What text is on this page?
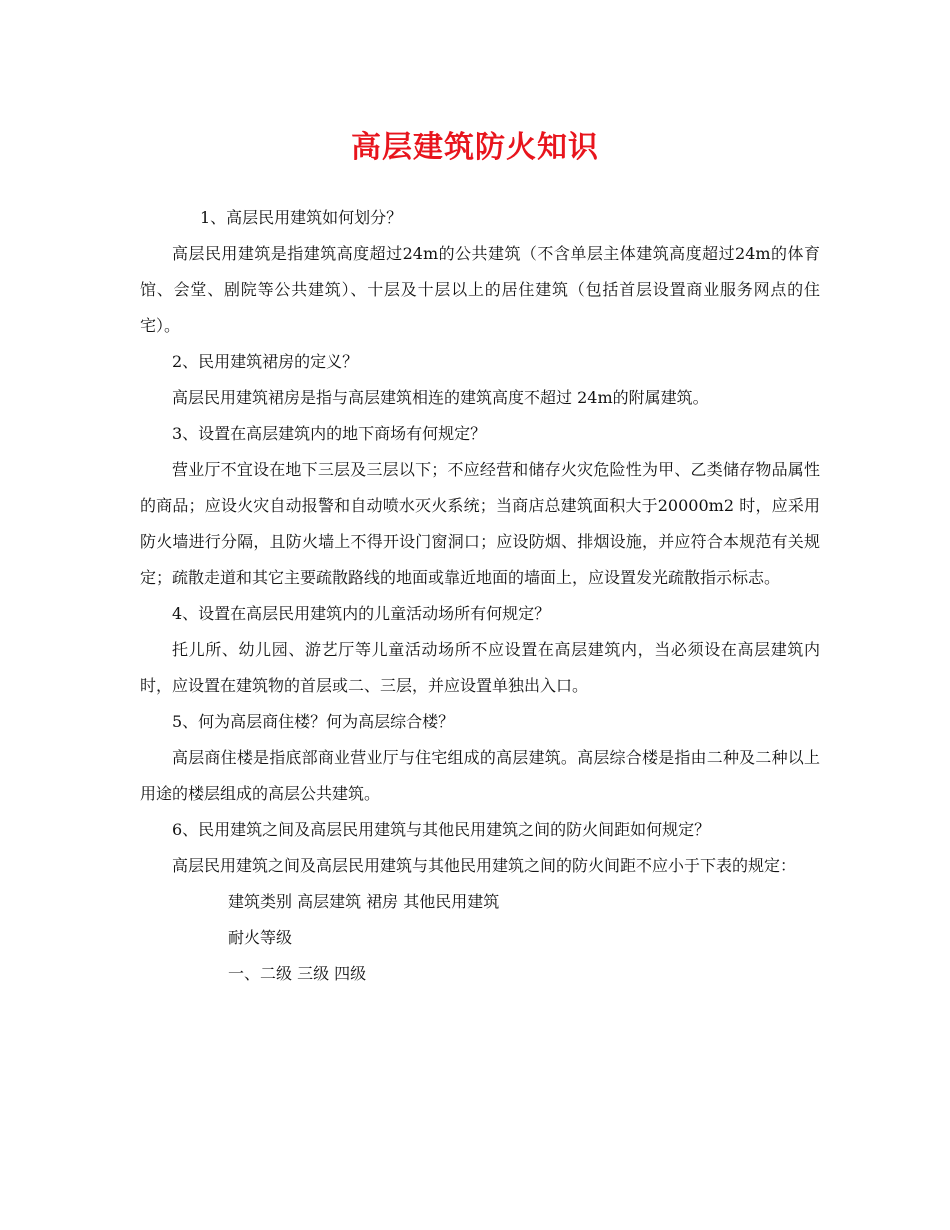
高层建筑防火知识

1、高层民用建筑如何划分？

高层民用建筑是指建筑高度超过24m的公共建筑（不含单层主体建筑高度超过24m的体育馆、会堂、剧院等公共建筑）、十层及十层以上的居住建筑（包括首层设置商业服务网点的住宅）。

2、民用建筑裙房的定义？

高层民用建筑裙房是指与高层建筑相连的建筑高度不超过 24m的附属建筑。

3、设置在高层建筑内的地下商场有何规定？

营业厅不宜设在地下三层及三层以下；不应经营和储存火灾危险性为甲、乙类储存物品属性的商品；应设火灾自动报警和自动喷水灭火系统；当商店总建筑面积大于20000m2 时，应采用防火墙进行分隔，且防火墙上不得开设门窗洞口；应设防烟、排烟设施，并应符合本规范有关规定；疏散走道和其它主要疏散路线的地面或靠近地面的墙面上，应设置发光疏散指示标志。

4、设置在高层民用建筑内的儿童活动场所有何规定？

托儿所、幼儿园、游艺厅等儿童活动场所不应设置在高层建筑内，当必须设在高层建筑内时，应设置在建筑物的首层或二、三层，并应设置单独出入口。

5、何为高层商住楼？何为高层综合楼？

高层商住楼是指底部商业营业厅与住宅组成的高层建筑。高层综合楼是指由二种及二种以上用途的楼层组成的高层公共建筑。

6、民用建筑之间及高层民用建筑与其他民用建筑之间的防火间距如何规定？

高层民用建筑之间及高层民用建筑与其他民用建筑之间的防火间距不应小于下表的规定：

建筑类别 高层建筑 裙房 其他民用建筑

耐火等级

一、二级 三级 四级
